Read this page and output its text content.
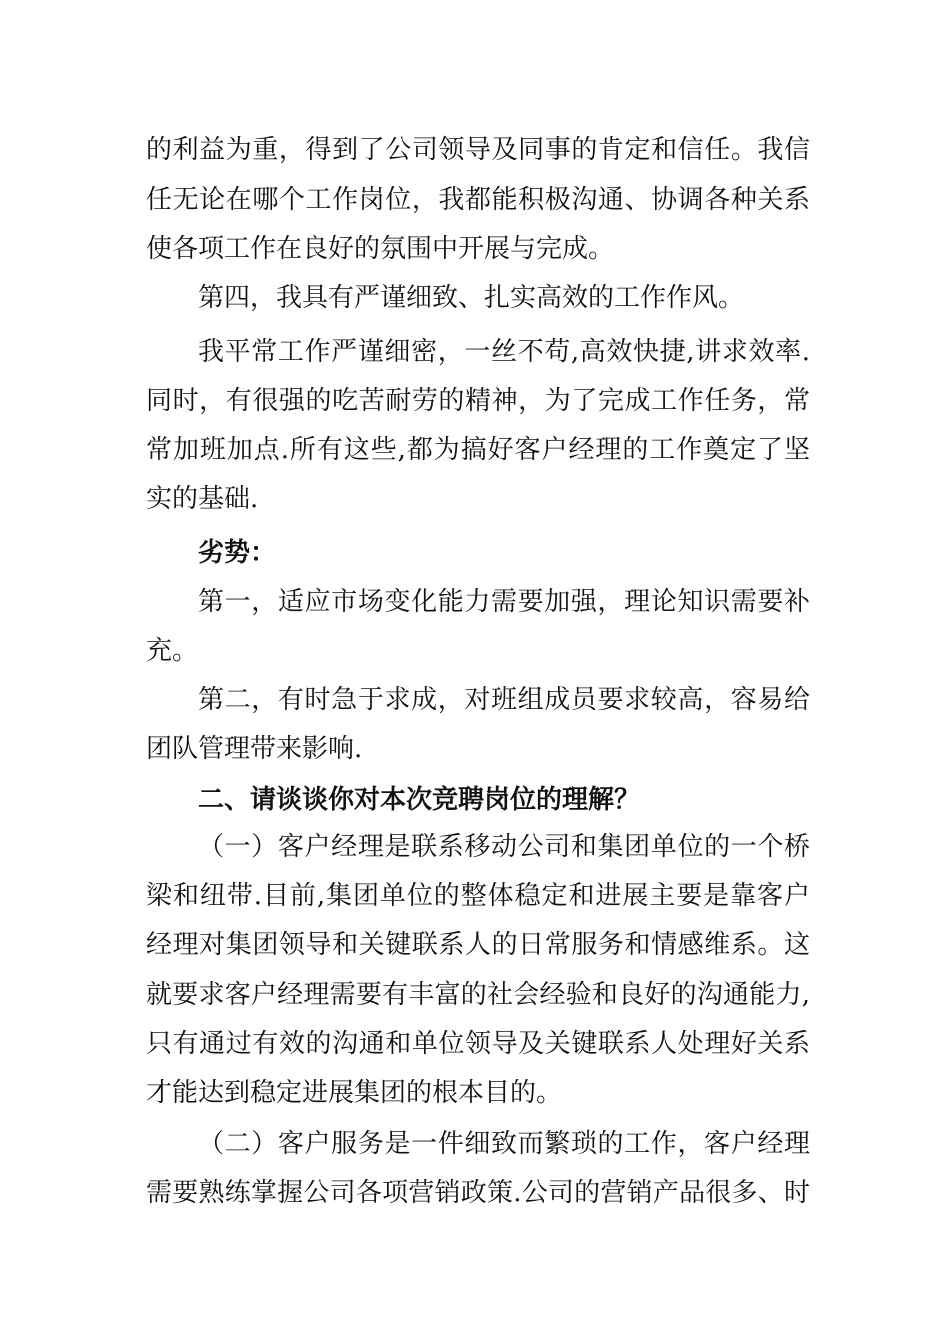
的利益为重，得到了公司领导及同事的肯定和信任。我信
任无论在哪个工作岗位，我都能积极沟通、协调各种关系
使各项工作在良好的氛围中开展与完成。
第四，我具有严谨细致、扎实高效的工作作风。
我平常工作严谨细密，一丝不苟,高效快捷,讲求效率.
同时，有很强的吃苦耐劳的精神，为了完成工作任务，常
常加班加点.所有这些,都为搞好客户经理的工作奠定了坚
实的基础.
劣势：
第一，适应市场变化能力需要加强，理论知识需要补
充。
第二，有时急于求成，对班组成员要求较高，容易给
团队管理带来影响.
二、请谈谈你对本次竞聘岗位的理解？
（一）客户经理是联系移动公司和集团单位的一个桥
梁和纽带.目前,集团单位的整体稳定和进展主要是靠客户
经理对集团领导和关键联系人的日常服务和情感维系。这
就要求客户经理需要有丰富的社会经验和良好的沟通能力,
只有通过有效的沟通和单位领导及关键联系人处理好关系
才能达到稳定进展集团的根本目的。
（二）客户服务是一件细致而繁琐的工作，客户经理
需要熟练掌握公司各项营销政策.公司的营销产品很多、时
